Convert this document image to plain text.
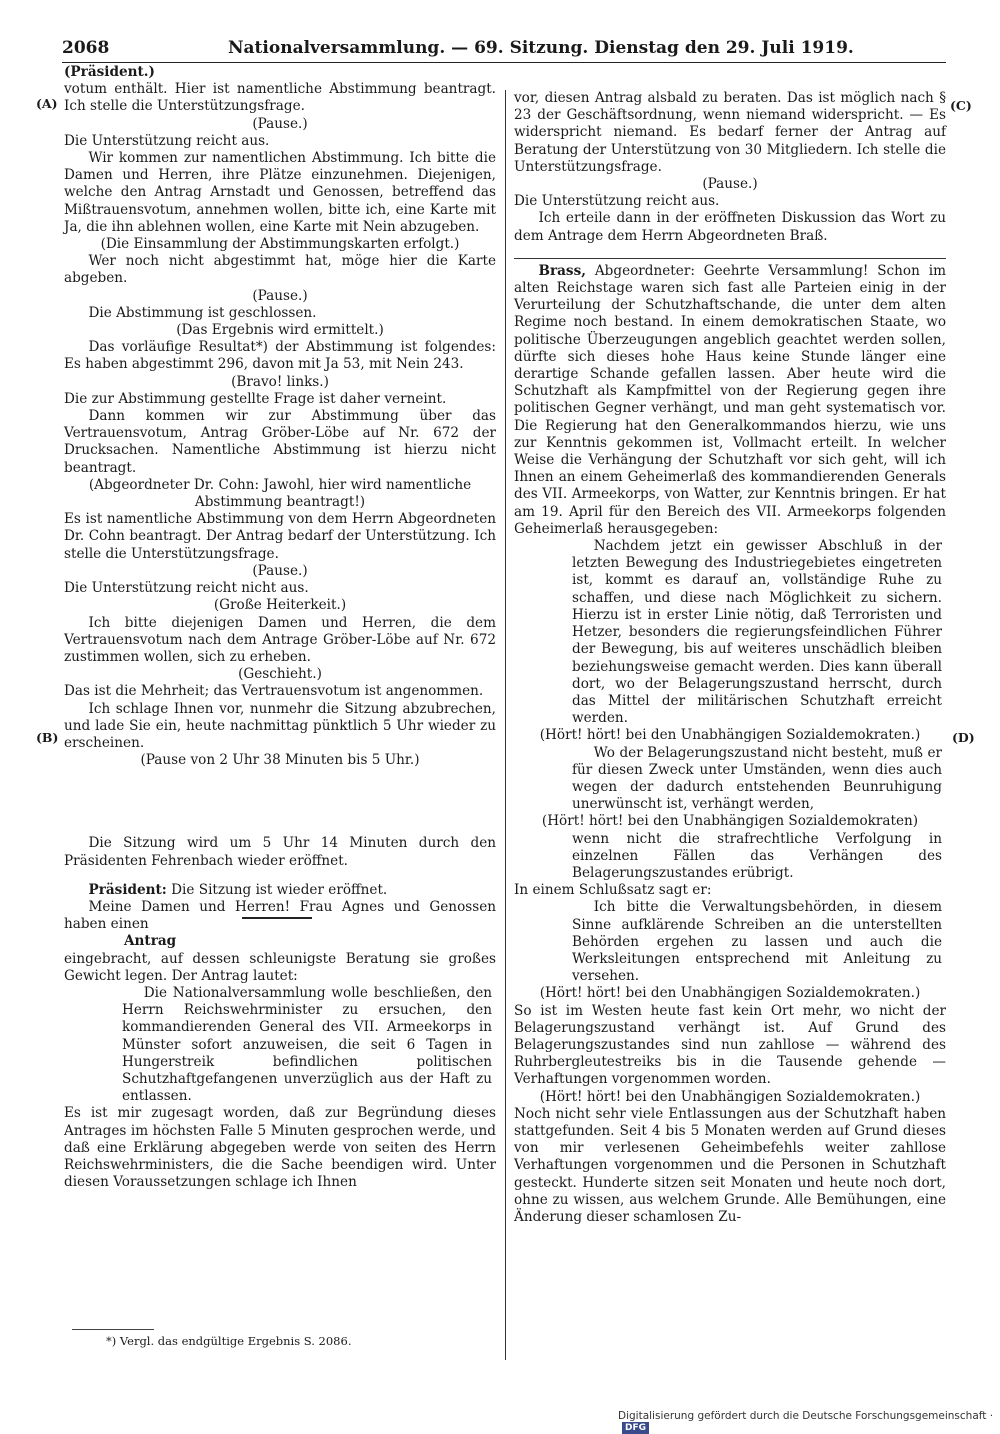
2068	Nationalversammlung. — 69. Sitzung. Dienstag den 29. Juli 1919.
(A)
(B)
(C)
(D)

(Präsident.)

votum enthält. Hier ist namentliche Abstimmung beantragt. Ich stelle die Unterstützungsfrage.

(Pause.)

Die Unterstützung reicht aus.

Wir kommen zur namentlichen Abstimmung. Ich bitte die Damen und Herren, ihre Plätze einzunehmen. Diejenigen, welche den Antrag Arnstadt und Genossen, betreffend das Mißtrauensvotum, annehmen wollen, bitte ich, eine Karte mit Ja, die ihn ablehnen wollen, eine Karte mit Nein abzugeben.

(Die Einsammlung der Abstimmungskarten erfolgt.)

Wer noch nicht abgestimmt hat, möge hier die Karte abgeben.

(Pause.)

Die Abstimmung ist geschlossen.

(Das Ergebnis wird ermittelt.)

Das vorläufige Resultat*) der Abstimmung ist folgendes: Es haben abgestimmt 296, davon mit Ja 53, mit Nein 243.

(Bravo! links.)

Die zur Abstimmung gestellte Frage ist daher verneint.

Dann kommen wir zur Abstimmung über das Vertrauensvotum, Antrag Gröber-Löbe auf Nr. 672 der Drucksachen. Namentliche Abstimmung ist hierzu nicht beantragt.

(Abgeordneter Dr. Cohn: Jawohl, hier wird namentliche Abstimmung beantragt!)

Es ist namentliche Abstimmung von dem Herrn Abgeordneten Dr. Cohn beantragt. Der Antrag bedarf der Unterstützung. Ich stelle die Unterstützungsfrage.

(Pause.)

Die Unterstützung reicht nicht aus.

(Große Heiterkeit.)

Ich bitte diejenigen Damen und Herren, die dem Vertrauensvotum nach dem Antrage Gröber-Löbe auf Nr. 672 zustimmen wollen, sich zu erheben.

(Geschieht.)

Das ist die Mehrheit; das Vertrauensvotum ist angenommen.

Ich schlage Ihnen vor, nunmehr die Sitzung abzubrechen, und lade Sie ein, heute nachmittag pünktlich 5 Uhr wieder zu erscheinen.

(Pause von 2 Uhr 38 Minuten bis 5 Uhr.)

Die Sitzung wird um 5 Uhr 14 Minuten durch den Präsidenten Fehrenbach wieder eröffnet.

Präsident: Die Sitzung ist wieder eröffnet.

Meine Damen und Herren! Frau Agnes und Genossen haben einen

Antrag

eingebracht, auf dessen schleunigste Beratung sie großes Gewicht legen. Der Antrag lautet:

Die Nationalversammlung wolle beschließen, den Herrn Reichswehrminister zu ersuchen, den kommandierenden General des VII. Armeekorps in Münster sofort anzuweisen, die seit 6 Tagen in Hungerstreik befindlichen politischen Schutzhaftgefangenen unverzüglich aus der Haft zu entlassen.

Es ist mir zugesagt worden, daß zur Begründung dieses Antrages im höchsten Falle 5 Minuten gesprochen werde, und daß eine Erklärung abgegeben werde von seiten des Herrn Reichswehrministers, die die Sache beendigen wird. Unter diesen Voraussetzungen schlage ich Ihnen

*) Vergl. das endgültige Ergebnis S. 2086.

vor, diesen Antrag alsbald zu beraten. Das ist möglich nach § 23 der Geschäftsordnung, wenn niemand widerspricht. — Es widerspricht niemand. Es bedarf ferner der Antrag auf Beratung der Unterstützung von 30 Mitgliedern. Ich stelle die Unterstützungsfrage.

(Pause.)

Die Unterstützung reicht aus.

Ich erteile dann in der eröffneten Diskussion das Wort zu dem Antrage dem Herrn Abgeordneten Braß.

Brass, Abgeordneter: Geehrte Versammlung! Schon im alten Reichstage waren sich fast alle Parteien einig in der Verurteilung der Schutzhaftschande, die unter dem alten Regime noch bestand. In einem demokratischen Staate, wo politische Überzeugungen angeblich geachtet werden sollen, dürfte sich dieses hohe Haus keine Stunde länger eine derartige Schande gefallen lassen. Aber heute wird die Schutzhaft als Kampfmittel von der Regierung gegen ihre politischen Gegner verhängt, und man geht systematisch vor. Die Regierung hat den Generalkommandos hierzu, wie uns zur Kenntnis gekommen ist, Vollmacht erteilt. In welcher Weise die Verhängung der Schutzhaft vor sich geht, will ich Ihnen an einem Geheimerlaß des kommandierenden Generals des VII. Armeekorps, von Watter, zur Kenntnis bringen. Er hat am 19. April für den Bereich des VII. Armeekorps folgenden Geheimerlaß herausgegeben:

Nachdem jetzt ein gewisser Abschluß in der letzten Bewegung des Industriegebietes eingetreten ist, kommt es darauf an, vollständige Ruhe zu schaffen, und diese nach Möglichkeit zu sichern. Hierzu ist in erster Linie nötig, daß Terroristen und Hetzer, besonders die regierungsfeindlichen Führer der Bewegung, bis auf weiteres unschädlich bleiben beziehungsweise gemacht werden. Dies kann überall dort, wo der Belagerungszustand herrscht, durch das Mittel der militärischen Schutzhaft erreicht werden.

(Hört! hört! bei den Unabhängigen Sozialdemokraten.)

Wo der Belagerungszustand nicht besteht, muß er für diesen Zweck unter Umständen, wenn dies auch wegen der dadurch entstehenden Beunruhigung unerwünscht ist, verhängt werden,

(Hört! hört! bei den Unabhängigen Sozialdemokraten)

wenn nicht die strafrechtliche Verfolgung in einzelnen Fällen das Verhängen des Belagerungszustandes erübrigt.

In einem Schlußsatz sagt er:

Ich bitte die Verwaltungsbehörden, in diesem Sinne aufklärende Schreiben an die unterstellten Behörden ergehen zu lassen und auch die Werksleitungen entsprechend mit Anleitung zu versehen.

(Hört! hört! bei den Unabhängigen Sozialdemokraten.)

So ist im Westen heute fast kein Ort mehr, wo nicht der Belagerungszustand verhängt ist. Auf Grund des Belagerungszustandes sind nun zahllose — während des Ruhrbergleutestreiks bis in die Tausende gehende — Verhaftungen vorgenommen worden.

(Hört! hört! bei den Unabhängigen Sozialdemokraten.)

Noch nicht sehr viele Entlassungen aus der Schutzhaft haben stattgefunden. Seit 4 bis 5 Monaten werden auf Grund dieses von mir verlesenen Geheimbefehls weiter zahllose Verhaftungen vorgenommen und die Personen in Schutzhaft gesteckt. Hunderte sitzen seit Monaten und heute noch dort, ohne zu wissen, aus welchem Grunde. Alle Bemühungen, eine Änderung dieser schamlosen Zu-

Digitalisierung gefördert durch die Deutsche Forschungsgemeinschaft ·DFG
